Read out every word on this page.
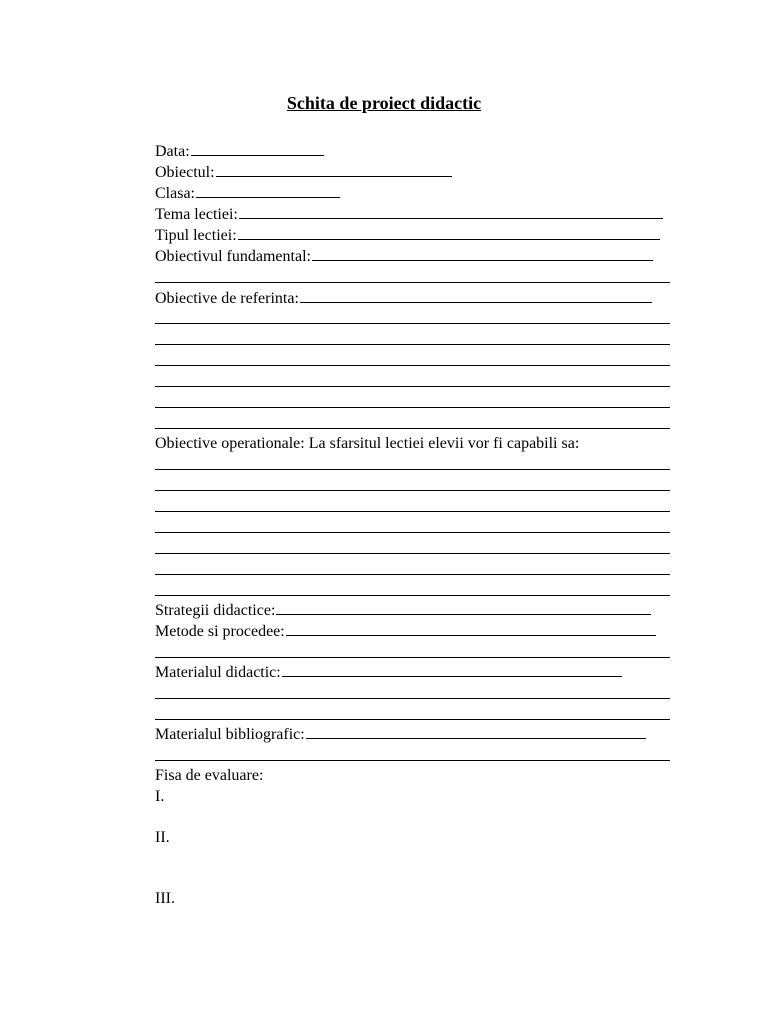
Schita de proiect didactic
Data:
Obiectul:
Clasa:
Tema lectiei:
Tipul lectiei:
Obiectivul fundamental:
Obiective de referinta:
Obiective operationale: La sfarsitul lectiei elevii vor fi capabili sa:
Strategii didactice:
Metode si procedee:
Materialul didactic:
Materialul bibliografic:
Fisa de evaluare:
I.
II.
III.
